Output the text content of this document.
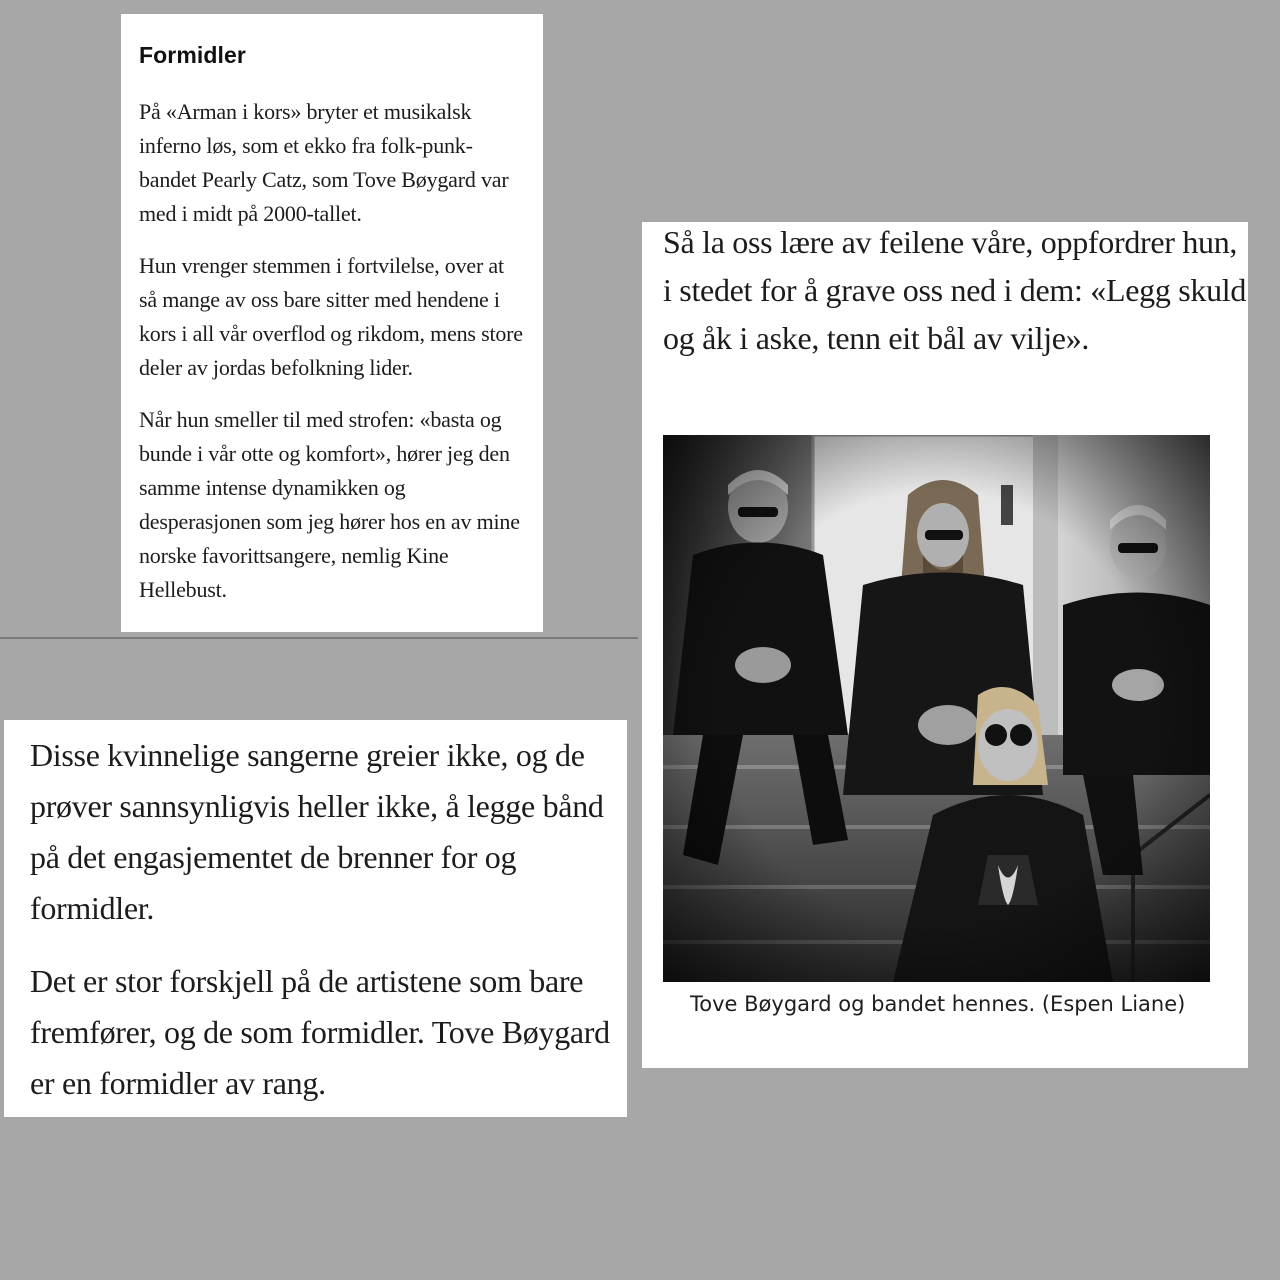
Formidler

På «Arman i kors» bryter et musikalsk inferno løs, som et ekko fra folk-punk-bandet Pearly Catz, som Tove Bøygard var med i midt på 2000-tallet.

Hun vrenger stemmen i fortvilelse, over at så mange av oss bare sitter med hendene i kors i all vår overflod og rikdom, mens store deler av jordas befolkning lider.

Når hun smeller til med strofen: «basta og bunde i vår otte og komfort», hører jeg den samme intense dynamikken og desperasjonen som jeg hører hos en av mine norske favorittsangere, nemlig Kine Hellebust.

Disse kvinnelige sangerne greier ikke, og de prøver sannsynligvis heller ikke, å legge bånd på det engasjementet de brenner for og formidler.

Det er stor forskjell på de artistene som bare fremfører, og de som formidler. Tove Bøygard er en formidler av rang.

Så la oss lære av feilene våre, oppfordrer hun, i stedet for å grave oss ned i dem: «Legg skuld og åk i aske, tenn eit bål av vilje».

Tove Bøygard og bandet hennes. (Espen Liane)
